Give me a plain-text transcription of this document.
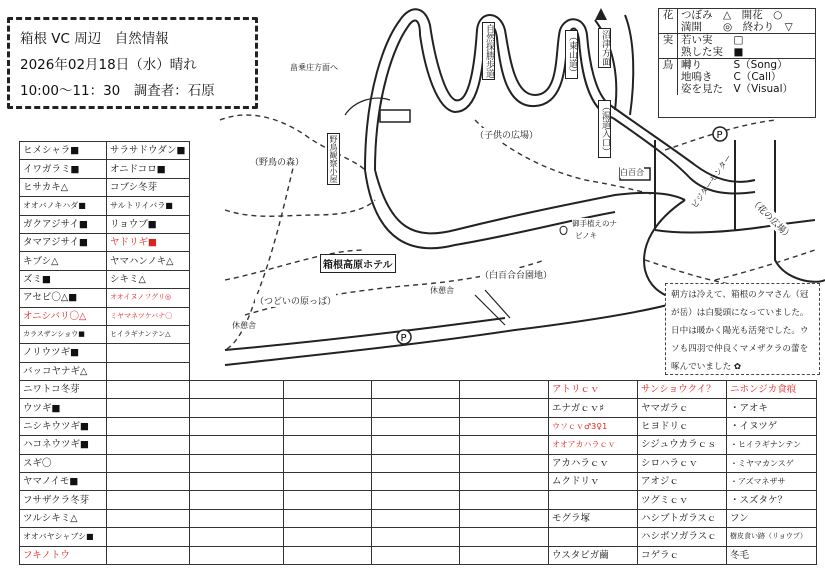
箱根 VC 周辺　自然情報
2026年02月18日（水）晴れ
10:00～11：30　調査者：石原
P
P
畠乗庄方面へ	自然探勝歩道	（東山道）	沼津方面
（湯道入口）
（子供の広場）
（野鳥の森）	野鳥観察小屋	白百合
箱根高原ホテル
（白百合台園地）
（つどいの原っぱ）
休憩舎
休憩舎
（花の広場）
御手植えのナ
ビノキ
ビジターセンター
花	つぼみ　△　開花　○
	満開　　◎　終わり　▽
実	若い実　　□
	熟した実　■
鳥	囀り　　　S（Song）
	地鳴き　　C（Call）
	姿を見た　V（Visual）
朝方は冷えて、箱根のクマさん（冠が岳）は白髪頭になっていました。日中は暖かく陽光も活発でした。ウソも四羽で仲良くマメザクラの蕾を啄んでいました ✿
ヒメシャラ■	サラサドウダン■
イワガラミ■	オニドコロ■
ヒサカキ△	コブシ冬芽
オオバノキハダ■	サルトリイバラ■
ガクアジサイ■	リョウブ■
タマアジサイ■	ヤドリギ■
キブシ△	ヤマハンノキ△
ズミ■	シキミ△
アセビ〇△■	オオイヌノフグリ◎
オニシバリ〇△	ミヤマネツケバナ〇
カラスザンショウ■	ヒイラギナンテン△
ノリウツギ■	
バッコヤナギ△	
ニワトコ冬芽						アトリｃｖ	サンショウクイ？	ニホンジカ食痕
ウツギ■						エナガｃｖ♯	ヤマガラｃ	・アオキ
ニシキウツギ■						ウソｃｖ♂3♀1	ヒヨドリｃ	・イヌツゲ
ハコネウツギ■						オオアカハラｃｖ	シジュウカラｃｓ	・ヒイラギナンテン
スギ〇						アカハラｃｖ	シロハラｃｖ	・ミヤマカンスゲ
ヤマノイモ■						ムクドリｖ	アオジｃ	・アズマネザサ
フサザクラ冬芽							ツグミｃｖ	・スズタケ？
ツルシキミ△						モグラ塚	ハシブトガラスｃ	フン
オオバヤシャブシ■							ハシボソガラスｃ	樹皮食い跡（リョウブ）
フキノトウ						ウスタビガ繭	コゲラｃ	冬毛
